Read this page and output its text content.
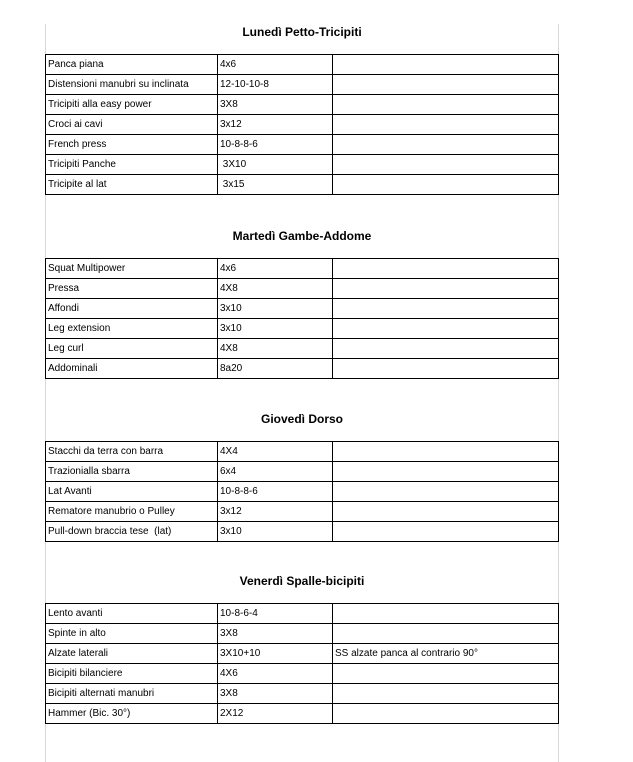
Lunedì Petto-Tricipiti
Panca piana	4x6	
Distensioni manubri su inclinata	12-10-10-8	
Tricipiti alla easy power	3X8	
Croci ai cavi	3x12	
French press	10-8-8-6	
Tricipiti Panche	3X10	
Tricipite al lat	3x15	
Martedì Gambe-Addome
Squat Multipower	4x6	
Pressa	4X8	
Affondi	3x10	
Leg extension	3x10	
Leg curl	4X8	
Addominali	8a20	
Giovedì Dorso
Stacchi da terra con barra	4X4	
Trazionialla sbarra	6x4	
Lat Avanti	10-8-8-6	
Rematore manubrio o Pulley	3x12	
Pull-down braccia tese  (lat)	3x10	
Venerdì Spalle-bicipiti
Lento avanti	10-8-6-4	
Spinte in alto	3X8	
Alzate laterali	3X10+10	SS alzate panca al contrario 90°
Bicipiti bilanciere	4X6	
Bicipiti alternati manubri	3X8	
Hammer (Bic. 30°)	2X12	
